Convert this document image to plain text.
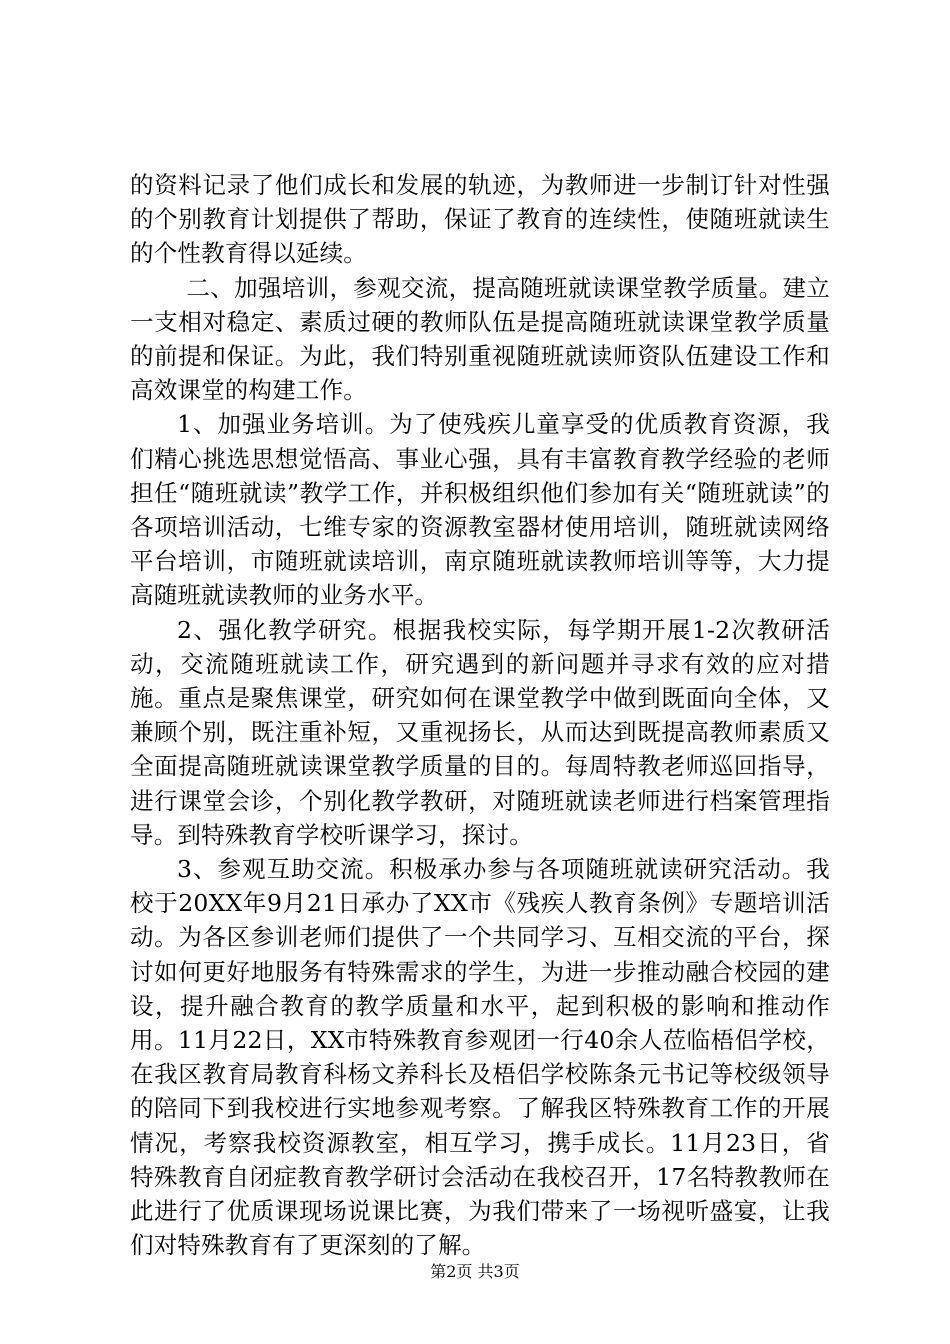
的资料记录了他们成长和发展的轨迹，为教师进一步制订针对性强的个别教育计划提供了帮助，保证了教育的连续性，使随班就读生的个性教育得以延续。

二、加强培训，参观交流，提高随班就读课堂教学质量。建立一支相对稳定、素质过硬的教师队伍是提高随班就读课堂教学质量的前提和保证。为此，我们特别重视随班就读师资队伍建设工作和高效课堂的构建工作。

1、加强业务培训。为了使残疾儿童享受的优质教育资源，我们精心挑选思想觉悟高、事业心强，具有丰富教育教学经验的老师担任“随班就读”教学工作，并积极组织他们参加有关“随班就读”的各项培训活动，七维专家的资源教室器材使用培训，随班就读网络平台培训，市随班就读培训，南京随班就读教师培训等等，大力提高随班就读教师的业务水平。

2、强化教学研究。根据我校实际，每学期开展1-2次教研活动，交流随班就读工作，研究遇到的新问题并寻求有效的应对措施。重点是聚焦课堂，研究如何在课堂教学中做到既面向全体，又兼顾个别，既注重补短，又重视扬长，从而达到既提高教师素质又全面提高随班就读课堂教学质量的目的。每周特教老师巡回指导，进行课堂会诊，个别化教学教研，对随班就读老师进行档案管理指导。到特殊教育学校听课学习，探讨。

3、参观互助交流。积极承办参与各项随班就读研究活动。我校于20XX年9月21日承办了XX市《残疾人教育条例》专题培训活动。为各区参训老师们提供了一个共同学习、互相交流的平台，探讨如何更好地服务有特殊需求的学生，为进一步推动融合校园的建设，提升融合教育的教学质量和水平，起到积极的影响和推动作用。11月22日，XX市特殊教育参观团一行40余人莅临梧侣学校，在我区教育局教育科杨文养科长及梧侣学校陈条元书记等校级领导的陪同下到我校进行实地参观考察。了解我区特殊教育工作的开展情况，考察我校资源教室，相互学习，携手成长。11月23日，省特殊教育自闭症教育教学研讨会活动在我校召开，17名特教教师在此进行了优质课现场说课比赛，为我们带来了一场视听盛宴，让我们对特殊教育有了更深刻的了解。

第2页 共3页
